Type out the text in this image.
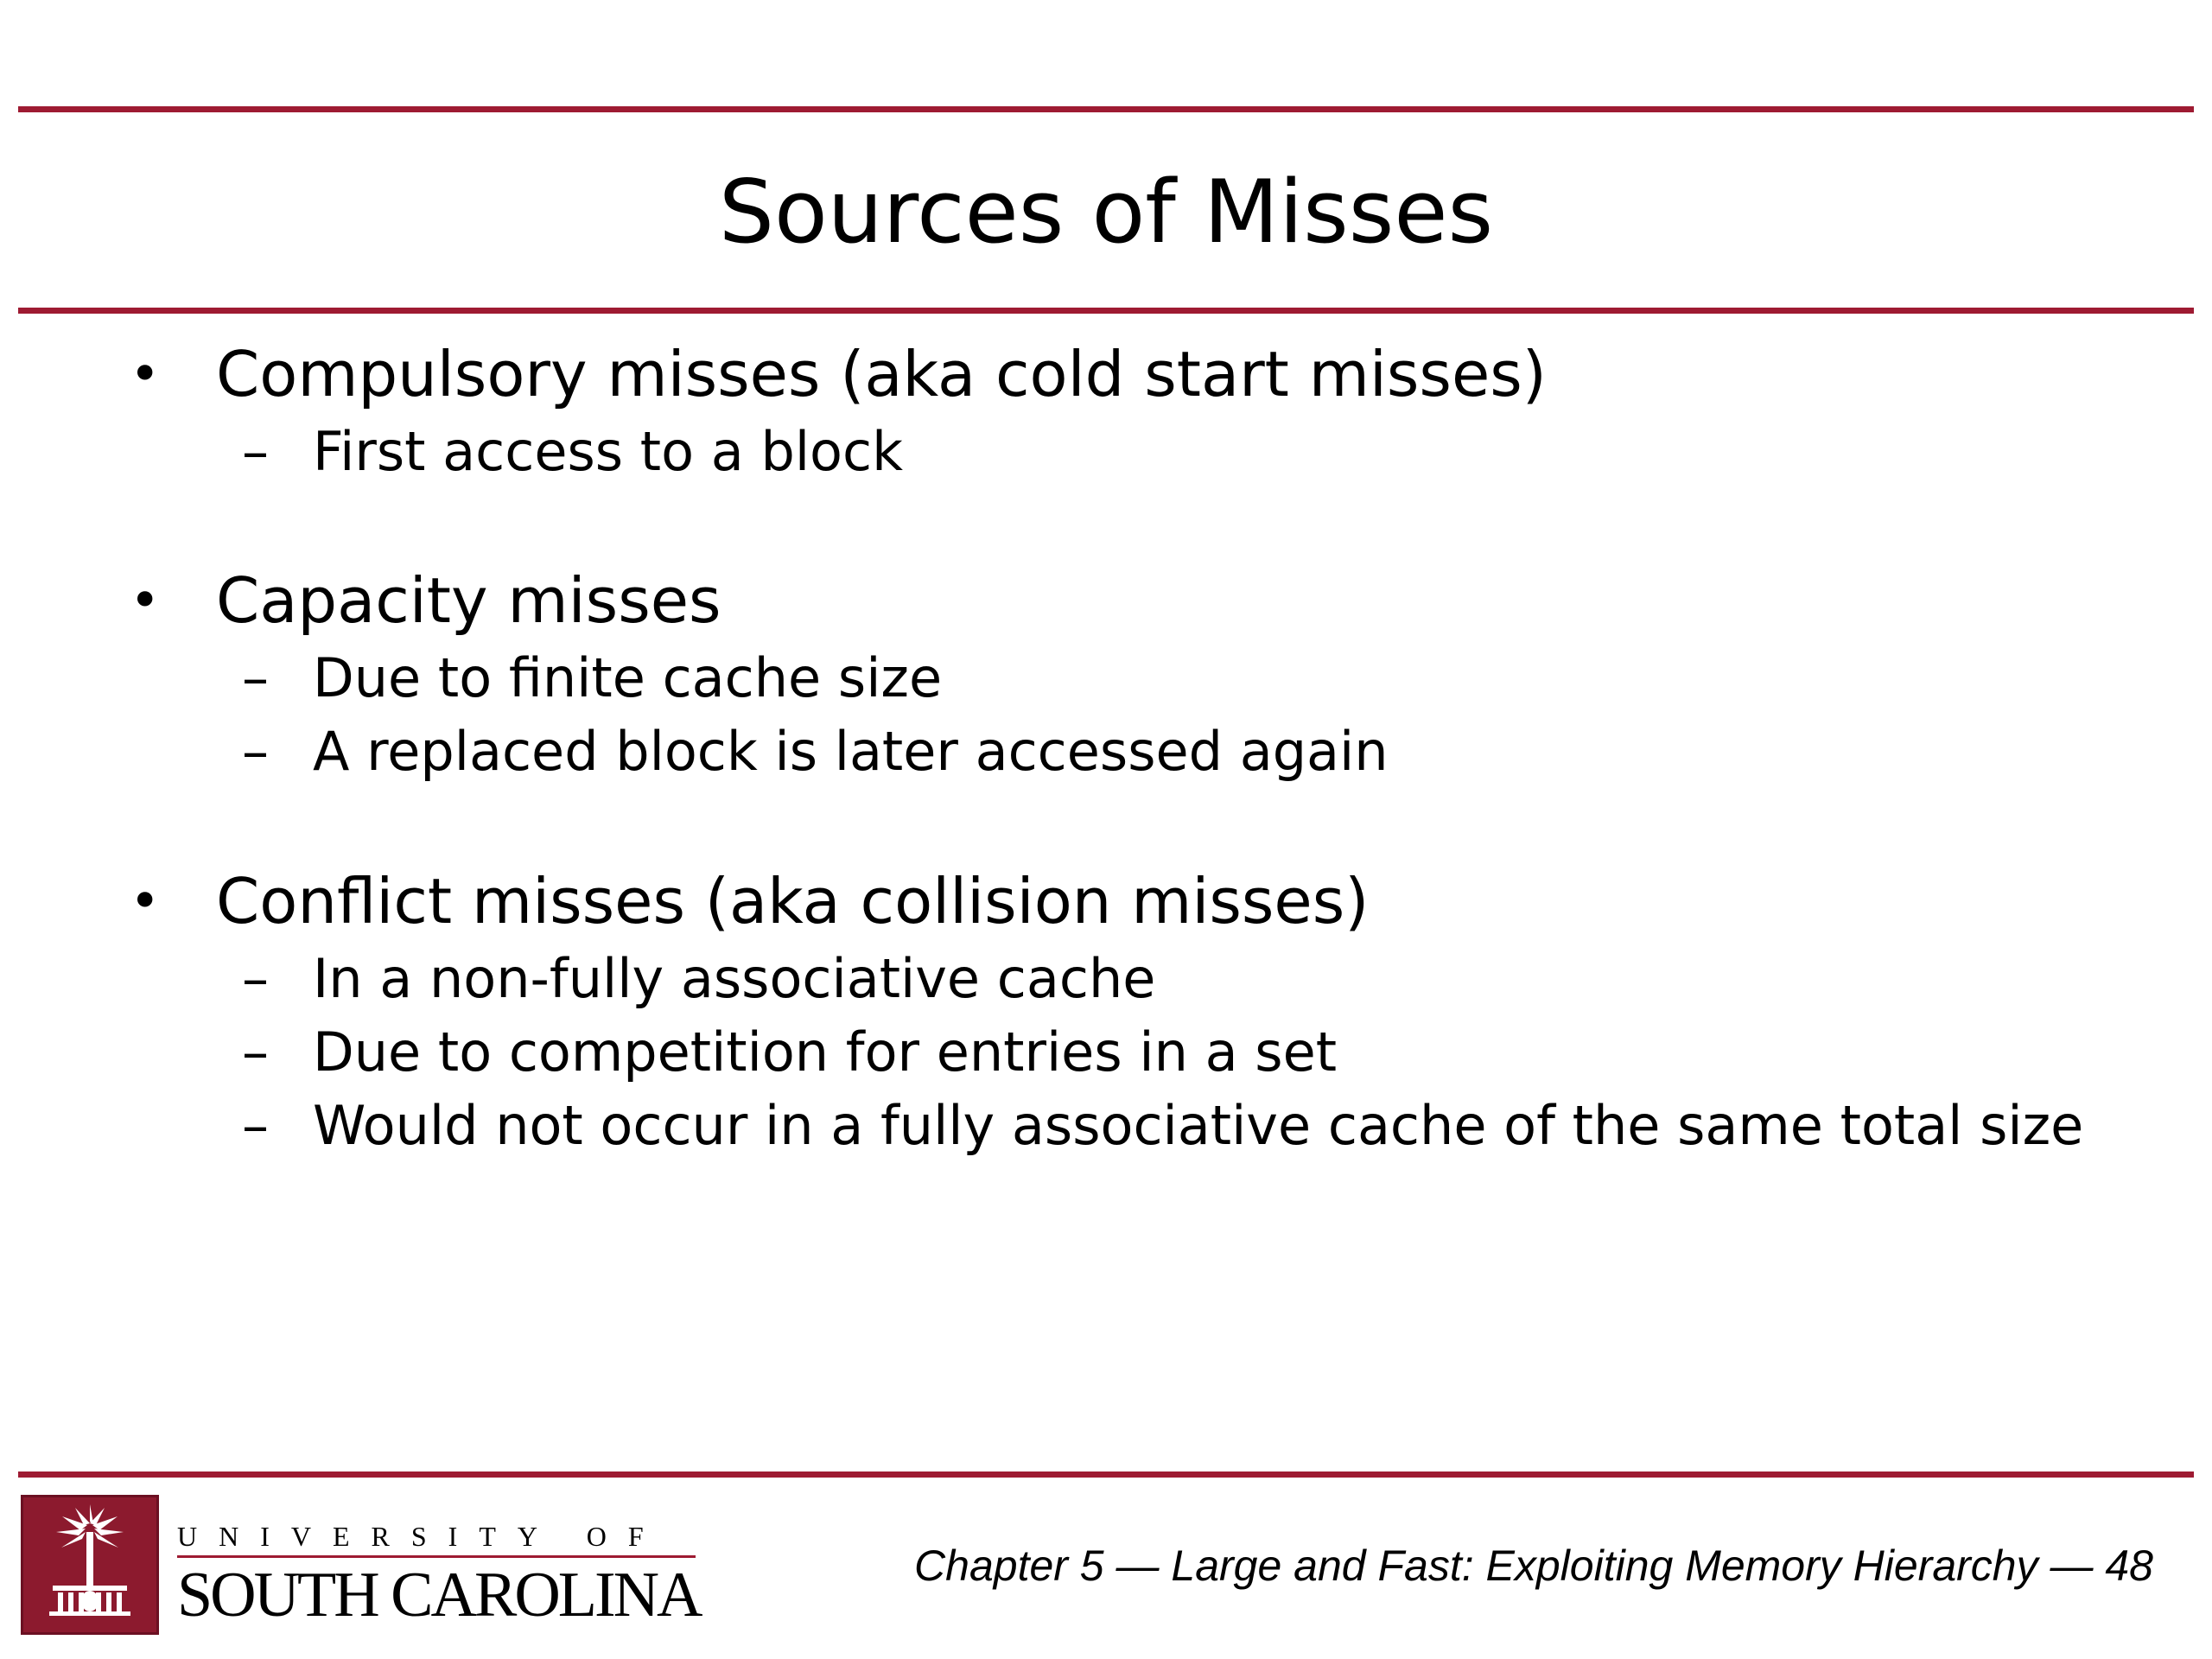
Sources of Misses
• Compulsory misses (aka cold start misses)
– First access to a block
• Capacity misses
– Due to finite cache size
– A replaced block is later accessed again
• Conflict misses (aka collision misses)
– In a non-fully associative cache
– Due to competition for entries in a set
– Would not occur in a fully associative cache of the same total size
UNIVERSITY OF
SOUTH CAROLINA	Chapter 5 — Large and Fast: Exploiting Memory Hierarchy — 48
